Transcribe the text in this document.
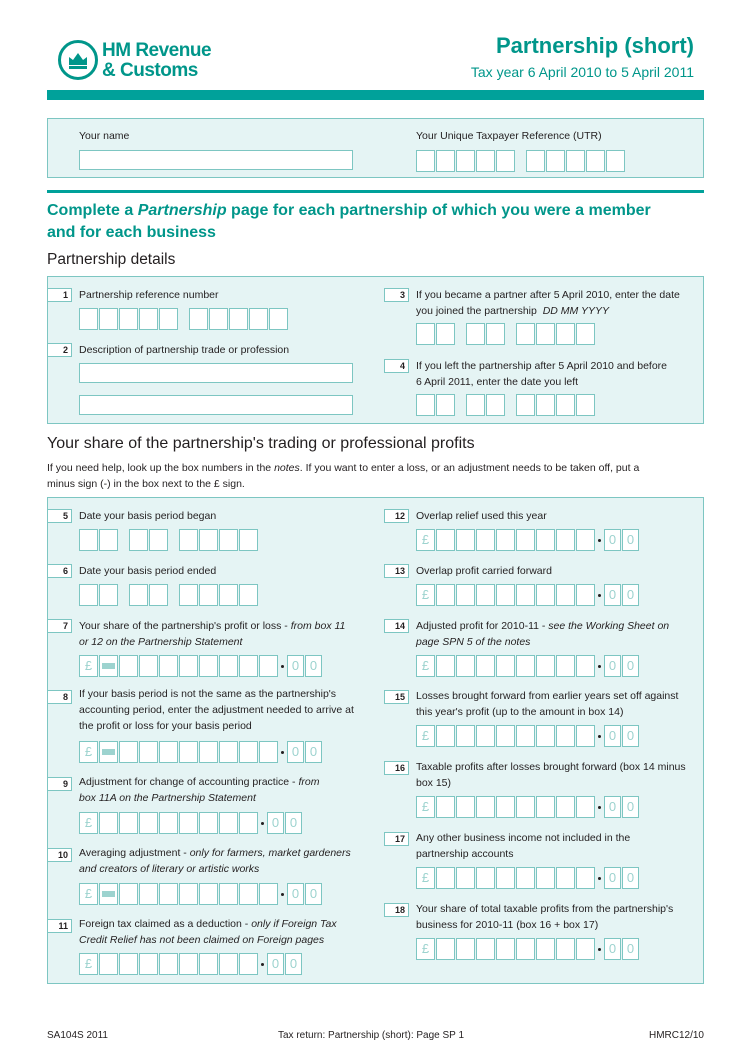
HM Revenue
& Customs
Partnership (short)
Tax year 6 April 2010 to 5 April 2011
Your name	Your Unique Taxpayer Reference (UTR)
Complete a Partnership page for each partnership of which you were a member
and for each business
Partnership details
1	Partnership reference number
2	Description of partnership trade or profession
3	If you became a partner after 5 April 2010, enter the date
you joined the partnership DD MM YYYY
4	If you left the partnership after 5 April 2010 and before
6 April 2011, enter the date you left
Your share of the partnership's trading or professional profits
If you need help, look up the box numbers in the notes. If you want to enter a loss, or an adjustment needs to be taken off, put a
minus sign (-) in the box next to the £ sign.
5	Date your basis period began
6	Date your basis period ended
7	Your share of the partnership's profit or loss - from box 11
or 12 on the Partnership Statement
£	0 0
8	If your basis period is not the same as the partnership's
accounting period, enter the adjustment needed to arrive at
the profit or loss for your basis period
£	0 0
9	Adjustment for change of accounting practice - from
box 11A on the Partnership Statement
£	0 0
10	Averaging adjustment - only for farmers, market gardeners
and creators of literary or artistic works
£	0 0
11	Foreign tax claimed as a deduction - only if Foreign Tax
Credit Relief has not been claimed on Foreign pages
£	0 0
12	Overlap relief used this year
£	0 0
13	Overlap profit carried forward
£	0 0
14	Adjusted profit for 2010-11 - see the Working Sheet on
page SPN 5 of the notes
£	0 0
15	Losses brought forward from earlier years set off against
this year's profit (up to the amount in box 14)
£	0 0
16	Taxable profits after losses brought forward (box 14 minus
box 15)
£	0 0
17	Any other business income not included in the
partnership accounts
£	0 0
18	Your share of total taxable profits from the partnership's
business for 2010-11 (box 16 + box 17)
£	0 0
SA104S 2011	Tax return: Partnership (short): Page SP 1	HMRC12/10
